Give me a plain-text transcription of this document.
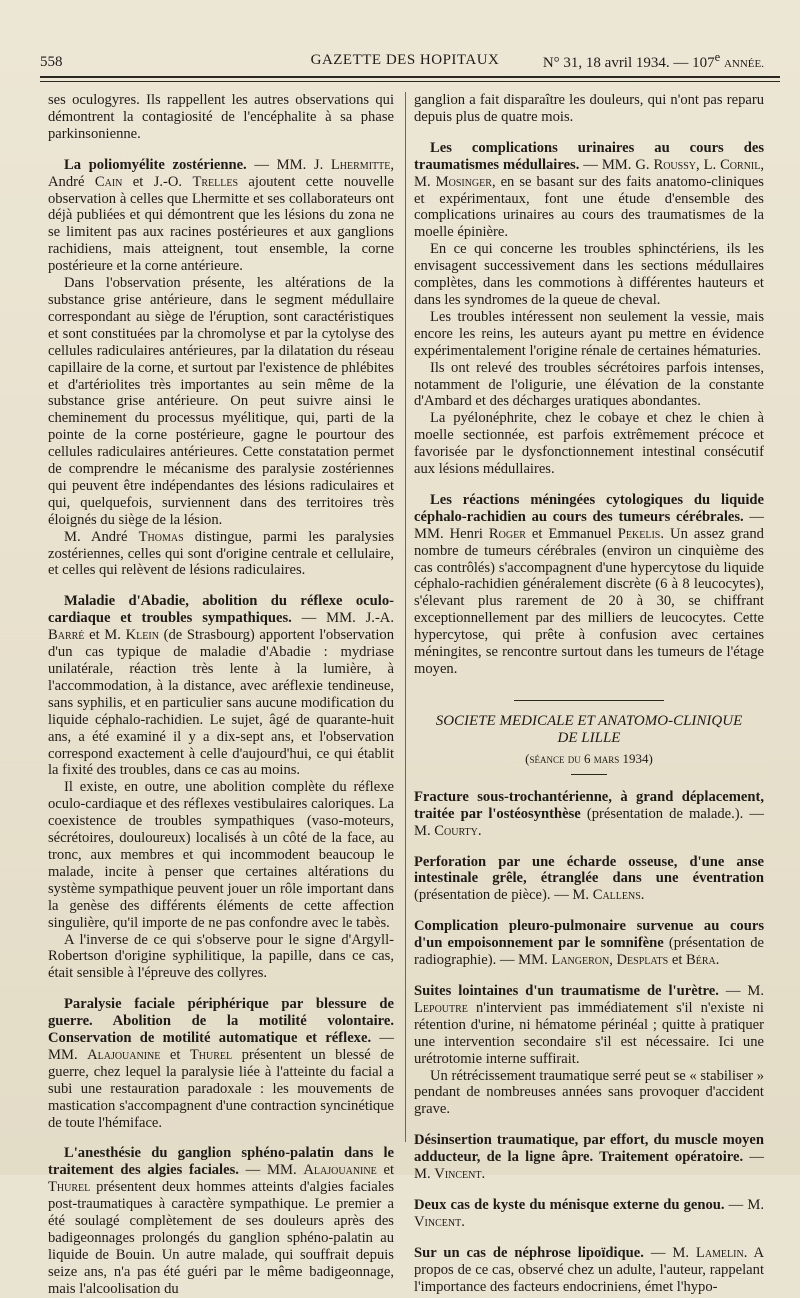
558	GAZETTE DES HOPITAUX	N° 31, 18 avril 1934. — 107e ANNÉE.

ses oculogyres. Ils rappellent les autres observations qui démontrent la contagiosité de l'encéphalite à sa phase parkinsonienne.

La poliomyélite zostérienne. — MM. J. Lhermitte, André Cain et J.-O. Trelles ajoutent cette nouvelle observation à celles que Lhermitte et ses collaborateurs ont déjà publiées et qui démontrent que les lésions du zona ne se limitent pas aux racines postérieures et aux ganglions rachidiens, mais atteignent, tout ensemble, la corne postérieure et la corne antérieure.

Dans l'observation présente, les altérations de la substance grise antérieure, dans le segment médullaire correspondant au siège de l'éruption, sont caractéristiques et sont constituées par la chromolyse et par la cytolyse des cellules radiculaires antérieures, par la dilatation du réseau capillaire de la corne, et surtout par l'existence de phlébites et d'artériolites très importantes au sein même de la substance grise antérieure. On peut suivre ainsi le cheminement du processus myélitique, qui, parti de la pointe de la corne postérieure, gagne le pourtour des cellules radiculaires antérieures. Cette constatation permet de comprendre le mécanisme des paralysie zostériennes qui peuvent être indépendantes des lésions radiculaires et qui, quelquefois, surviennent dans des territoires très éloignés du siège de la lésion.

M. André Thomas distingue, parmi les paralysies zostériennes, celles qui sont d'origine centrale et cellulaire, et celles qui relèvent de lésions radiculaires.

Maladie d'Abadie, abolition du réflexe oculo-cardiaque et troubles sympathiques. — MM. J.-A. Barré et M. Klein (de Strasbourg) apportent l'observation d'un cas typique de maladie d'Abadie : mydriase unilatérale, réaction très lente à la lumière, à l'accommodation, à la distance, avec aréflexie tendineuse, sans syphilis, et en particulier sans aucune modification du liquide céphalo-rachidien. Le sujet, âgé de quarante-huit ans, a été examiné il y a dix-sept ans, et l'observation correspond exactement à celle d'aujourd'hui, ce qui établit la fixité des troubles, dans ce cas au moins.

Il existe, en outre, une abolition complète du réflexe oculo-cardiaque et des réflexes vestibulaires caloriques. La coexistence de troubles sympathiques (vaso-moteurs, sécrétoires, douloureux) localisés à un côté de la face, au tronc, aux membres et qui incommodent beaucoup le malade, incite à penser que certaines altérations du système sympathique peuvent jouer un rôle important dans la genèse des différents éléments de cette affection singulière, qu'il importe de ne pas confondre avec le tabès.

A l'inverse de ce qui s'observe pour le signe d'Argyll-Robertson d'origine syphilitique, la papille, dans ce cas, était sensible à l'épreuve des collyres.

Paralysie faciale périphérique par blessure de guerre. Abolition de la motilité volontaire. Conservation de motilité automatique et réflexe. — MM. Alajouanine et Thurel présentent un blessé de guerre, chez lequel la paralysie liée à l'atteinte du facial a subi une restauration paradoxale : les mouvements de mastication s'accompagnent d'une contraction syncinétique de toute l'hémiface.

L'anesthésie du ganglion sphéno-palatin dans le traitement des algies faciales. — MM. Alajouanine et Thurel présentent deux hommes atteints d'algies faciales post-traumatiques à caractère sympathique. Le premier a été soulagé complètement de ses douleurs après des badigeonnages prolongés du ganglion sphéno-palatin au liquide de Bouin. Un autre malade, qui souffrait depuis seize ans, n'a pas été guéri par le même badigeonnage, mais l'alcoolisation du

ganglion a fait disparaître les douleurs, qui n'ont pas reparu depuis plus de quatre mois.

Les complications urinaires au cours des traumatismes médullaires. — MM. G. Roussy, L. Cornil, M. Mosinger, en se basant sur des faits anatomo-cliniques et expérimentaux, font une étude d'ensemble des complications urinaires au cours des traumatismes de la moelle épinière.

En ce qui concerne les troubles sphinctériens, ils les envisagent successivement dans les sections médullaires complètes, dans les commotions à différentes hauteurs et dans les syndromes de la queue de cheval.

Les troubles intéressent non seulement la vessie, mais encore les reins, les auteurs ayant pu mettre en évidence expérimentalement l'origine rénale de certaines hématuries.

Ils ont relevé des troubles sécrétoires parfois intenses, notamment de l'oligurie, une élévation de la constante d'Ambard et des décharges uratiques abondantes.

La pyélonéphrite, chez le cobaye et chez le chien à moelle sectionnée, est parfois extrêmement précoce et favorisée par le dysfonctionnement intestinal consécutif aux lésions médullaires.

Les réactions méningées cytologiques du liquide céphalo-rachidien au cours des tumeurs cérébrales. — MM. Henri Roger et Emmanuel Pekelis. Un assez grand nombre de tumeurs cérébrales (environ un cinquième des cas contrôlés) s'accompagnent d'une hypercytose du liquide céphalo-rachidien généralement discrète (6 à 8 leucocytes), s'élevant plus rarement de 20 à 30, se chiffrant exceptionnellement par des milliers de leucocytes. Cette hypercytose, qui prête à confusion avec certaines méningites, se rencontre surtout dans les tumeurs de l'étage moyen.

SOCIETE MEDICALE ET ANATOMO-CLINIQUE
DE LILLE
(séance du 6 mars 1934)

Fracture sous-trochantérienne, à grand déplacement, traitée par l'ostéosynthèse (présentation de malade.). — M. Courty.

Perforation par une écharde osseuse, d'une anse intestinale grêle, étranglée dans une éventration (présentation de pièce). — M. Callens.

Complication pleuro-pulmonaire survenue au cours d'un empoisonnement par le somnifène (présentation de radiographie). — MM. Langeron, Desplats et Béra.

Suites lointaines d'un traumatisme de l'urètre. — M. Lepoutre n'intervient pas immédiatement s'il n'existe ni rétention d'urine, ni hématome périnéal ; quitte à pratiquer une intervention secondaire s'il est nécessaire. Ici une urétrotomie interne suffirait.

Un rétrécissement traumatique serré peut se « stabiliser » pendant de nombreuses années sans provoquer d'accident grave.

Désinsertion traumatique, par effort, du muscle moyen adducteur, de la ligne âpre. Traitement opératoire. — M. Vincent.

Deux cas de kyste du ménisque externe du genou. — M. Vincent.

Sur un cas de néphrose lipoïdique. — M. Lamelin. A propos de ce cas, observé chez un adulte, l'auteur, rappelant l'importance des facteurs endocriniens, émet l'hypo-
